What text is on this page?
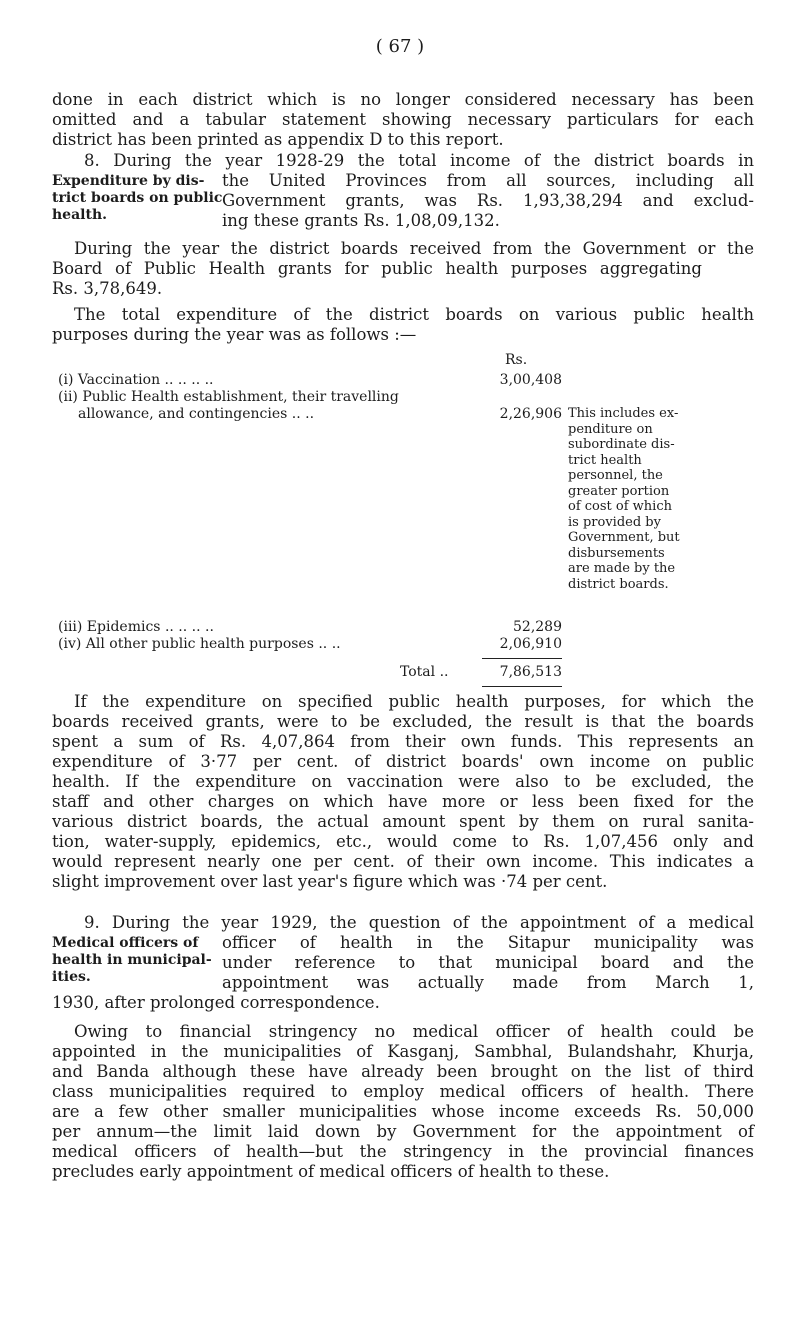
( 67 )
done in each district which is no longer considered necessary has been
omitted and a tabular statement showing necessary particulars for each
district has been printed as appendix D to this report.
8. During the year 1928-29 the total income of the district boards in
Expenditure by dis-
trict boards on public
health.
the United Provinces from all sources, including all
Government grants, was Rs. 1,93,38,294 and exclud-
ing these grants Rs. 1,08,09,132.
During the year the district boards received from the Government or the
Board of Public Health grants for public health purposes aggregating
Rs. 3,78,649.
The total expenditure of the district boards on various public health
purposes during the year was as follows :—
Rs.
(i) Vaccination .. .. .. ..	3,00,408
(ii) Public Health establishment, their travelling
allowance, and contingencies .. ..	2,26,906
(iii) Epidemics .. .. .. ..	52,289
(iv) All other public health purposes .. ..	2,06,910
Total ..	7,86,513
This includes ex-
penditure on
subordinate dis-
trict health
personnel, the
greater portion
of cost of which
is provided by
Government, but
disbursements
are made by the
district boards.
If the expenditure on specified public health purposes, for which the
boards received grants, were to be excluded, the result is that the boards
spent a sum of Rs. 4,07,864 from their own funds. This represents an
expenditure of 3·77 per cent. of district boards' own income on public
health. If the expenditure on vaccination were also to be excluded, the
staff and other charges on which have more or less been fixed for the
various district boards, the actual amount spent by them on rural sanita-
tion, water-supply, epidemics, etc., would come to Rs. 1,07,456 only and
would represent nearly one per cent. of their own income. This indicates a
slight improvement over last year's figure which was ·74 per cent.
9. During the year 1929, the question of the appointment of a medical
Medical officers of
health in municipal-
ities.
officer of health in the Sitapur municipality was
under reference to that municipal board and the
appointment was actually made from March 1,
1930, after prolonged correspondence.
Owing to financial stringency no medical officer of health could be
appointed in the municipalities of Kasganj, Sambhal, Bulandshahr, Khurja,
and Banda although these have already been brought on the list of third
class municipalities required to employ medical officers of health. There
are a few other smaller municipalities whose income exceeds Rs. 50,000
per annum—the limit laid down by Government for the appointment of
medical officers of health—but the stringency in the provincial finances
precludes early appointment of medical officers of health to these.
